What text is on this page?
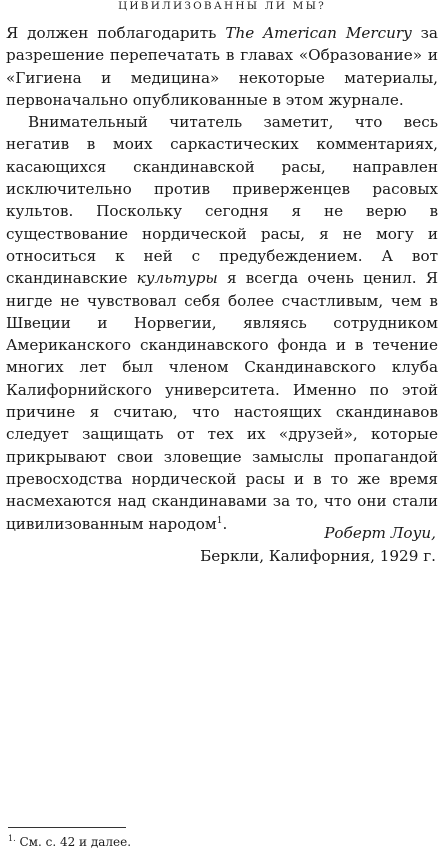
ЦИВИЛИЗОВАННЫ ЛИ МЫ?

Я должен поблагодарить The American Mercury за разрешение перепечатать в главах «Образование» и «Гигиена и медицина» некоторые материалы, первоначально опубликованные в этом журнале.

Внимательный читатель заметит, что весь негатив в моих саркастических комментариях, касающихся скандинавской расы, направлен исключительно против приверженцев расовых культов. Поскольку сегодня я не верю в существование нордической расы, я не могу и относиться к ней с предубеждением. А вот скандинавские культуры я всегда очень ценил. Я нигде не чувствовал себя более счастливым, чем в Швеции и Норвегии, являясь сотрудником Американского скандинавского фонда и в течение многих лет был членом Скандинавского клуба Калифорнийского университета. Именно по этой причине я считаю, что настоящих скандинавов следует защищать от тех их «друзей», которые прикрывают свои зловещие замыслы пропагандой превосходства нордической расы и в то же время насмехаются над скандинавами за то, что они стали цивилизованным народом$^1$.

Роберт Лоуи,
Беркли, Калифорния, 1929 г.
$^{1.}$ См. с. 42 и далее.
